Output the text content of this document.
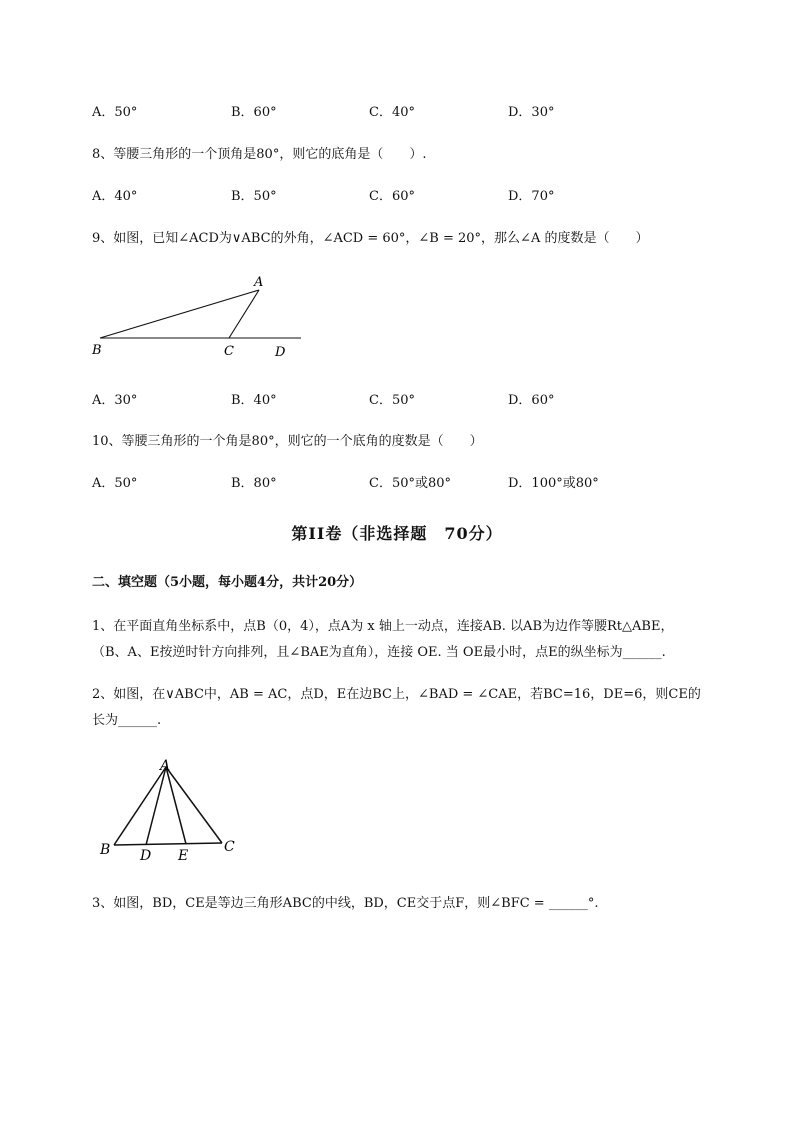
A．50°	B．60°	C．40°	D．30°
8、等腰三角形的一个顶角是80°，则它的底角是（　　）.
A．40°	B．50°	C．60°	D．70°
9、如图，已知∠ACD为∨ABC的外角，∠ACD = 60°，∠B = 20°，那么∠A 的度数是（　　）
A
B	C	D
A．30°	B．40°	C．50°	D．60°
10、等腰三角形的一个角是80°，则它的一个底角的度数是（　　）
A．50°	B．80°	C．50°或80°	D．100°或80°
第II卷（非选择题　70分）
二、填空题（5小题，每小题4分，共计20分）
1、在平面直角坐标系中，点B（0，4），点A为 x 轴上一动点，连接AB. 以AB为边作等腰Rt△ABE，
（B、A、E按逆时针方向排列，且∠BAE为直角），连接 OE. 当 OE最小时，点E的纵坐标为______.
2、如图，在∨ABC中，AB = AC，点D，E在边BC上，∠BAD = ∠CAE，若BC=16，DE=6，则CE的
长为______.
A
B D E
C
3、如图，BD，CE是等边三角形ABC的中线，BD，CE交于点F，则∠BFC = ______°.
